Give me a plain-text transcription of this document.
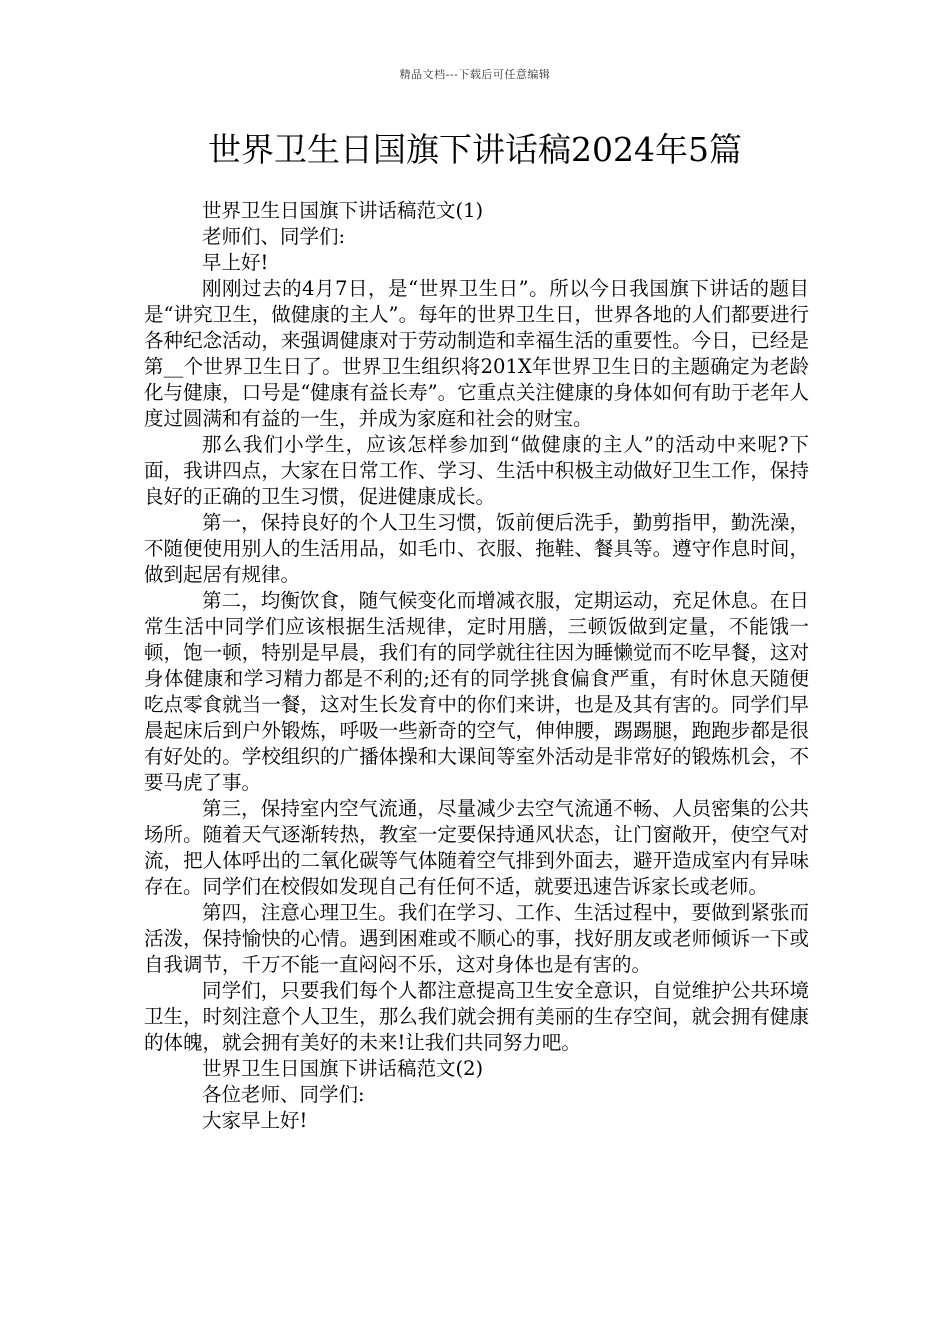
精品文档---下载后可任意编辑
世界卫生日国旗下讲话稿2024年5篇

世界卫生日国旗下讲话稿范文(1)

老师们、同学们:

早上好!

刚刚过去的4月7日，是“世界卫生日”。所以今日我国旗下讲话的题目是“讲究卫生，做健康的主人”。每年的世界卫生日，世界各地的人们都要进行各种纪念活动，来强调健康对于劳动制造和幸福生活的重要性。今日，已经是第__个世界卫生日了。世界卫生组织将201X年世界卫生日的主题确定为老龄化与健康，口号是“健康有益长寿”。它重点关注健康的身体如何有助于老年人度过圆满和有益的一生，并成为家庭和社会的财宝。

那么我们小学生，应该怎样参加到“做健康的主人”的活动中来呢?下面，我讲四点，大家在日常工作、学习、生活中积极主动做好卫生工作，保持良好的正确的卫生习惯，促进健康成长。

第一，保持良好的个人卫生习惯，饭前便后洗手，勤剪指甲，勤洗澡，不随便使用别人的生活用品，如毛巾、衣服、拖鞋、餐具等。遵守作息时间，做到起居有规律。

第二，均衡饮食，随气候变化而增减衣服，定期运动，充足休息。在日常生活中同学们应该根据生活规律，定时用膳，三顿饭做到定量，不能饿一顿，饱一顿，特别是早晨，我们有的同学就往往因为睡懒觉而不吃早餐，这对身体健康和学习精力都是不利的;还有的同学挑食偏食严重，有时休息天随便吃点零食就当一餐，这对生长发育中的你们来讲，也是及其有害的。同学们早晨起床后到户外锻炼，呼吸一些新奇的空气，伸伸腰，踢踢腿，跑跑步都是很有好处的。学校组织的广播体操和大课间等室外活动是非常好的锻炼机会，不要马虎了事。

第三，保持室内空气流通，尽量减少去空气流通不畅、人员密集的公共场所。随着天气逐渐转热，教室一定要保持通风状态，让门窗敞开，使空气对流，把人体呼出的二氧化碳等气体随着空气排到外面去，避开造成室内有异味存在。同学们在校假如发现自己有任何不适，就要迅速告诉家长或老师。

第四，注意心理卫生。我们在学习、工作、生活过程中，要做到紧张而活泼，保持愉快的心情。遇到困难或不顺心的事，找好朋友或老师倾诉一下或自我调节，千万不能一直闷闷不乐，这对身体也是有害的。

同学们，只要我们每个人都注意提高卫生安全意识，自觉维护公共环境卫生，时刻注意个人卫生，那么我们就会拥有美丽的生存空间，就会拥有健康的体魄，就会拥有美好的未来!让我们共同努力吧。

世界卫生日国旗下讲话稿范文(2)

各位老师、同学们:

大家早上好!
